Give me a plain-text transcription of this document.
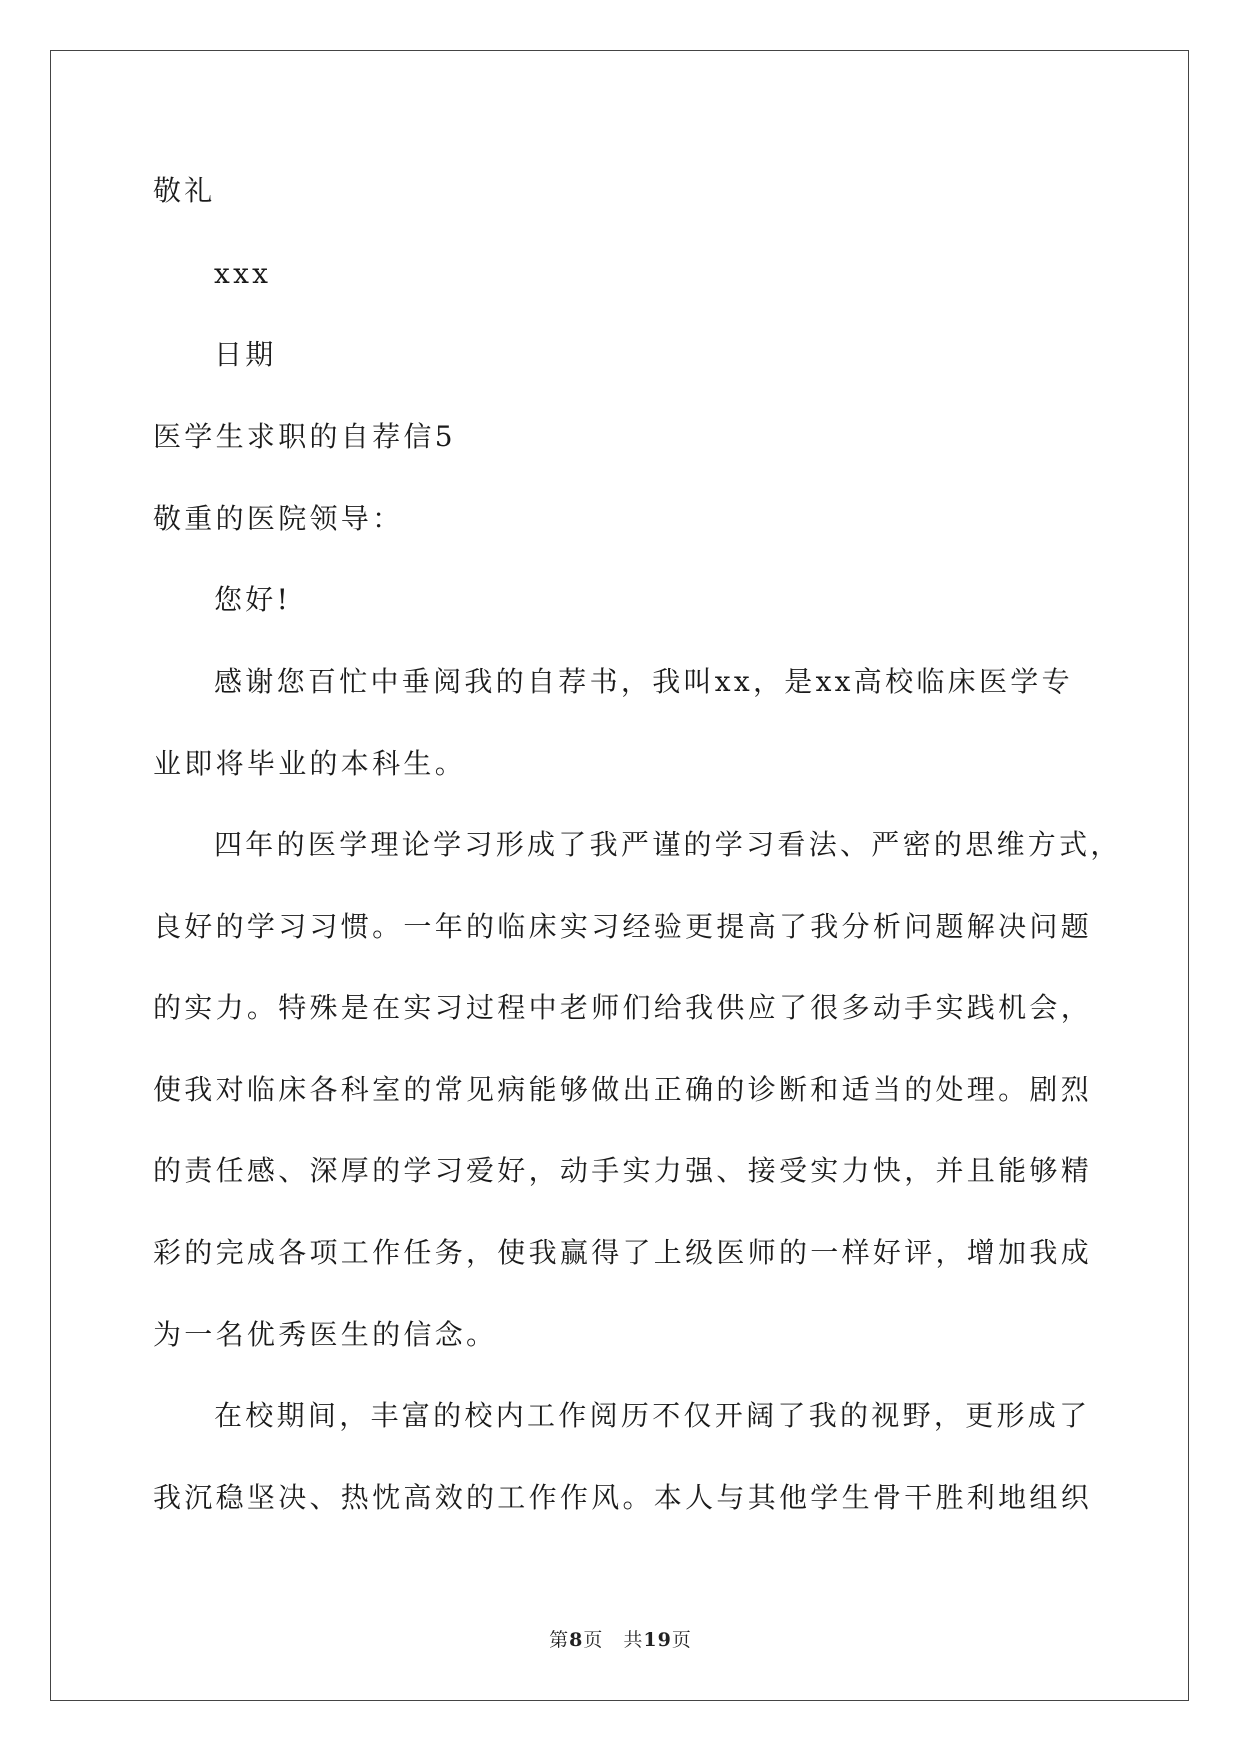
敬礼
xxx
日期
医学生求职的自荐信5
敬重的医院领导：
您好!
感谢您百忙中垂阅我的自荐书，我叫xx，是xx高校临床医学专
业即将毕业的本科生。
四年的医学理论学习形成了我严谨的学习看法、严密的思维方式，
良好的学习习惯。一年的临床实习经验更提高了我分析问题解决问题
的实力。特殊是在实习过程中老师们给我供应了很多动手实践机会，
使我对临床各科室的常见病能够做出正确的诊断和适当的处理。剧烈
的责任感、深厚的学习爱好，动手实力强、接受实力快，并且能够精
彩的完成各项工作任务，使我赢得了上级医师的一样好评，增加我成
为一名优秀医生的信念。
在校期间，丰富的校内工作阅历不仅开阔了我的视野，更形成了
我沉稳坚决、热忱高效的工作作风。本人与其他学生骨干胜利地组织
第8页　共19页
